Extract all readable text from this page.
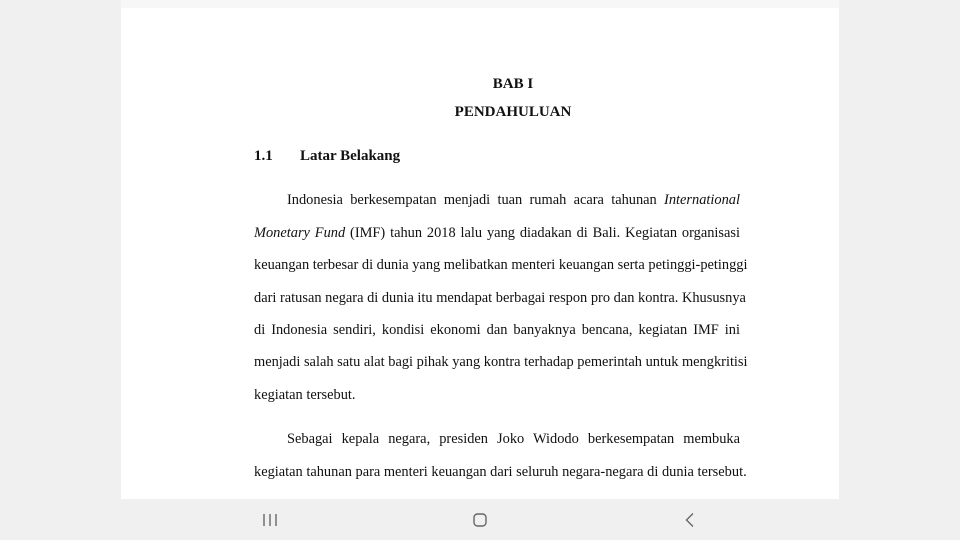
BAB I
PENDAHULUAN
1.1 Latar Belakang
Indonesia berkesempatan menjadi tuan rumah acara tahunan International
Monetary Fund (IMF) tahun 2018 lalu yang diadakan di Bali. Kegiatan organisasi
keuangan terbesar di dunia yang melibatkan menteri keuangan serta petinggi-petinggi
dari ratusan negara di dunia itu mendapat berbagai respon pro dan kontra. Khususnya
di Indonesia sendiri, kondisi ekonomi dan banyaknya bencana, kegiatan IMF ini
menjadi salah satu alat bagi pihak yang kontra terhadap pemerintah untuk mengkritisi
kegiatan tersebut.
Sebagai kepala negara, presiden Joko Widodo berkesempatan membuka
kegiatan tahunan para menteri keuangan dari seluruh negara-negara di dunia tersebut.
